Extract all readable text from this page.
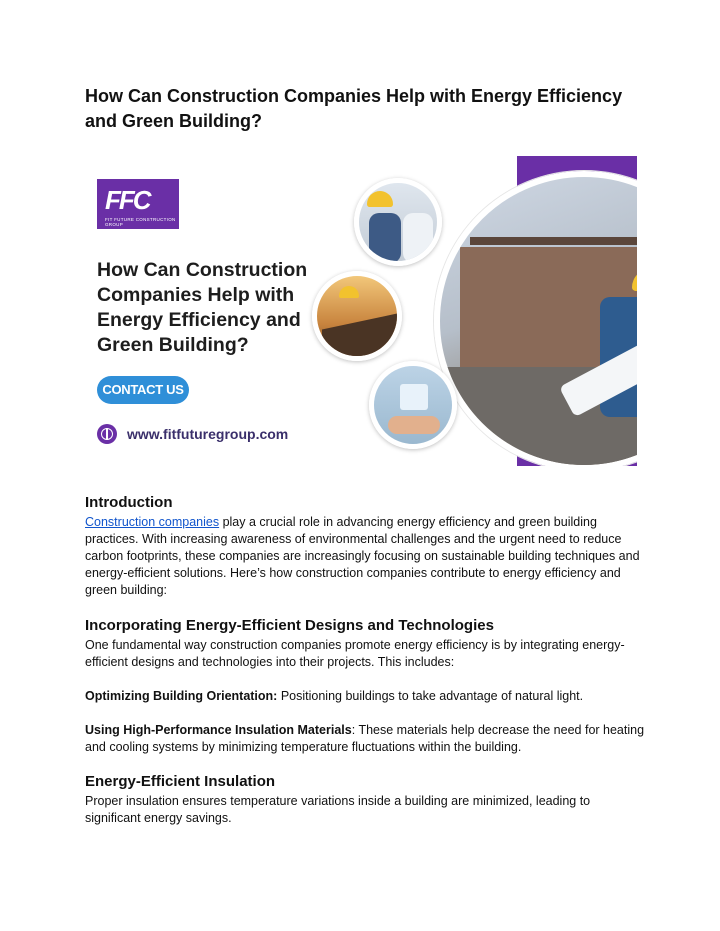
How Can Construction Companies Help with Energy Efficiency and Green Building?
FFC
FIT FUTURE CONSTRUCTION GROUP
How Can Construction Companies Help with Energy Efficiency and Green Building?
CONTACT US
www.fitfuturegroup.com
Introduction

Construction companies play a crucial role in advancing energy efficiency and green building practices. With increasing awareness of environmental challenges and the urgent need to reduce carbon footprints, these companies are increasingly focusing on sustainable building techniques and energy-efficient solutions. Here’s how construction companies contribute to energy efficiency and green building:

Incorporating Energy-Efficient Designs and Technologies

One fundamental way construction companies promote energy efficiency is by integrating energy-efficient designs and technologies into their projects. This includes:

Optimizing Building Orientation: Positioning buildings to take advantage of natural light.

Using High-Performance Insulation Materials: These materials help decrease the need for heating and cooling systems by minimizing temperature fluctuations within the building.

Energy-Efficient Insulation

Proper insulation ensures temperature variations inside a building are minimized, leading to significant energy savings.
